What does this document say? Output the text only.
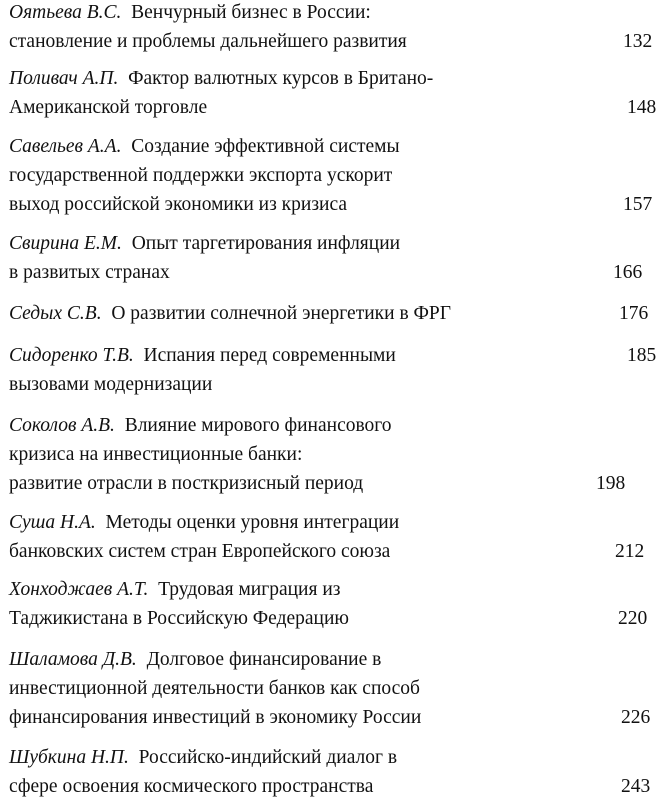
Оятьева В.С. Венчурный бизнес в России:
становление и проблемы дальнейшего развития	132
Поливач А.П. Фактор валютных курсов в Британо-
Американской торговле	148
Савельев А.А. Создание эффективной системы
государственной поддержки экспорта ускорит
выход российской экономики из кризиса	157
Свирина Е.М. Опыт таргетирования инфляции
в развитых странах	166
Седых С.В. О развитии солнечной энергетики в ФРГ	176
Сидоренко Т.В. Испания перед современными	185
вызовами модернизации
Соколов А.В. Влияние мирового финансового
кризиса на инвестиционные банки:
развитие отрасли в посткризисный период	198
Суша Н.А. Методы оценки уровня интеграции
банковских систем стран Европейского союза	212
Хонходжаев А.Т. Трудовая миграция из
Таджикистана в Российскую Федерацию	220
Шаламова Д.В. Долговое финансирование в
инвестиционной деятельности банков как способ
финансирования инвестиций в экономику России	226
Шубкина Н.П. Российско-индийский диалог в
сфере освоения космического пространства	243
